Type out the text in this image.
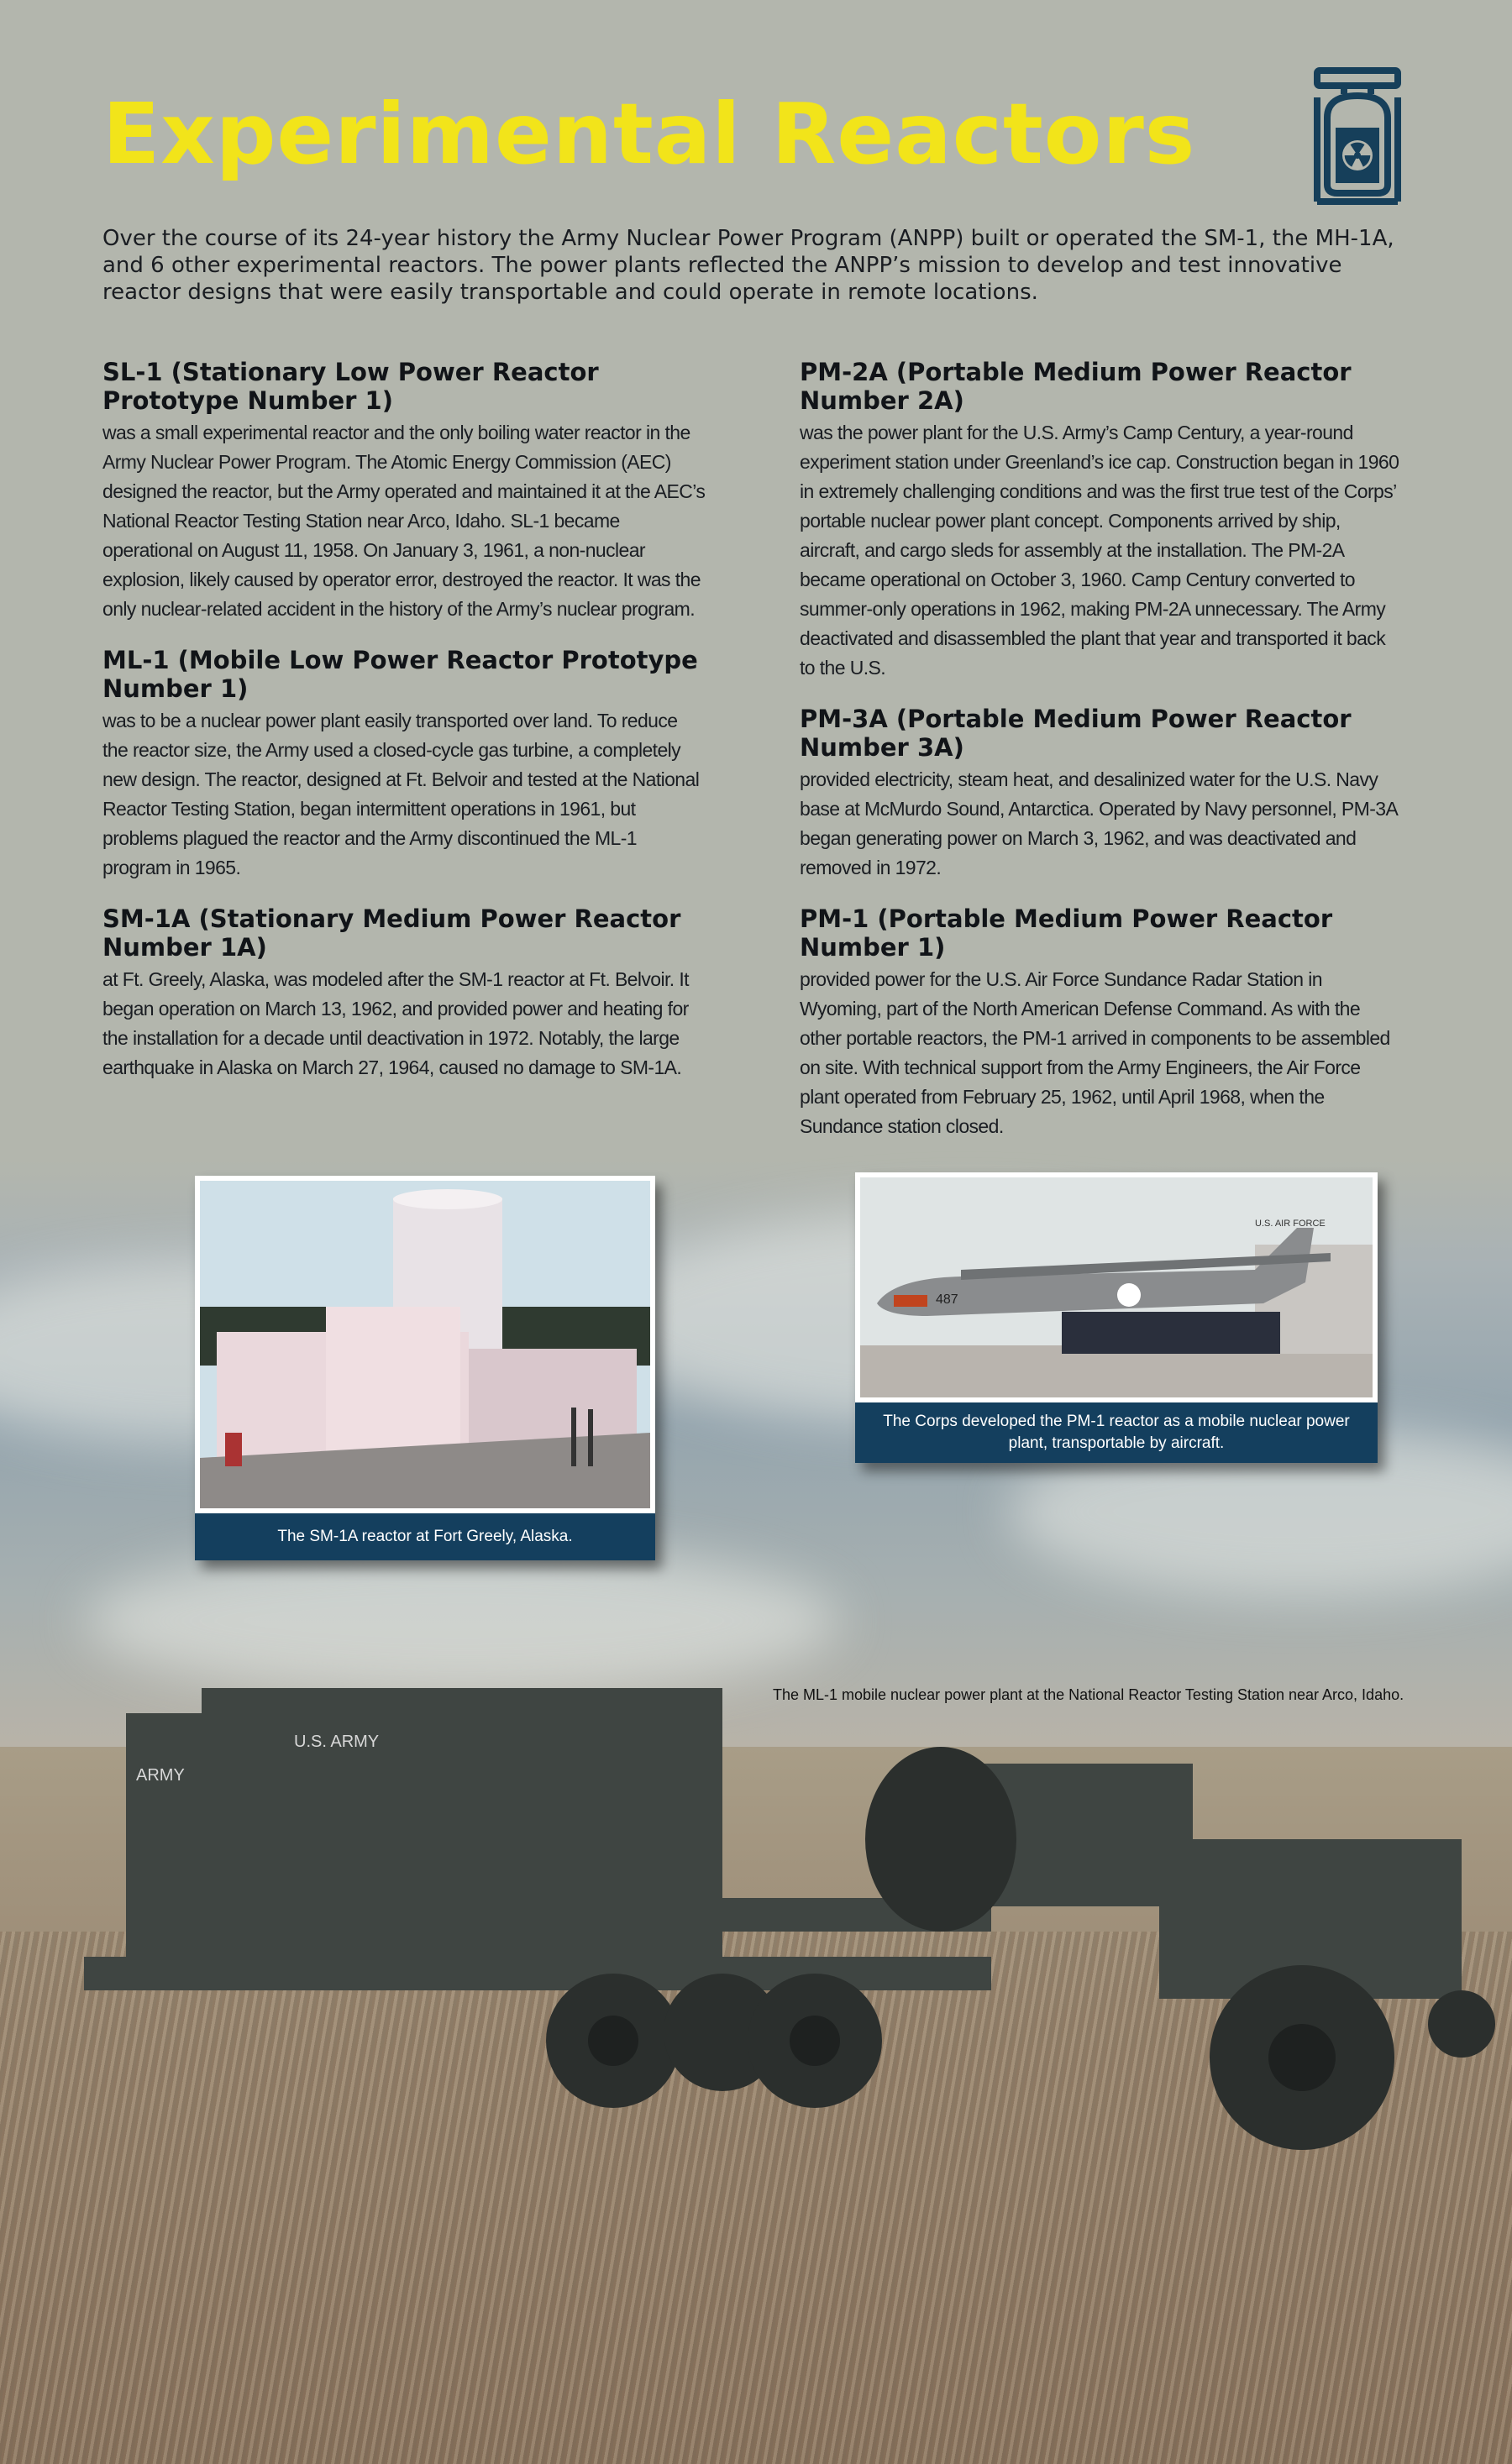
Experimental Reactors
Over the course of its 24-year history the Army Nuclear Power Program (ANPP) built or operated the SM-1, the MH-1A, and 6 other experimental reactors. The power plants reflected the ANPP’s mission to develop and test innovative reactor designs that were easily transportable and could operate in remote locations.
SL-1 (Stationary Low Power Reactor Prototype Number 1)

was a small experimental reactor and the only boiling water reactor in the Army Nuclear Power Program. The Atomic Energy Commission (AEC) designed the reactor, but the Army operated and maintained it at the AEC’s National Reactor Testing Station near Arco, Idaho. SL-1 became operational on August 11, 1958. On January 3, 1961, a non-nuclear explosion, likely caused by operator error, destroyed the reactor. It was the only nuclear-related accident in the history of the Army’s nuclear program.

ML-1 (Mobile Low Power Reactor Prototype Number 1)

was to be a nuclear power plant easily transported over land. To reduce the reactor size, the Army used a closed-cycle gas turbine, a completely new design. The reactor, designed at Ft. Belvoir and tested at the National Reactor Testing Station, began intermittent operations in 1961, but problems plagued the reactor and the Army discontinued the ML-1 program in 1965.

SM-1A (Stationary Medium Power Reactor Number 1A)

at Ft. Greely, Alaska, was modeled after the SM-1 reactor at Ft. Belvoir. It began operation on March 13, 1962, and provided power and heating for the installation for a decade until deactivation in 1972. Notably, the large earthquake in Alaska on March 27, 1964, caused no damage to SM-1A.

PM-2A (Portable Medium Power Reactor Number 2A)

was the power plant for the U.S. Army’s Camp Century, a year-round experiment station under Greenland’s ice cap. Construction began in 1960 in extremely challenging conditions and was the first true test of the Corps’ portable nuclear power plant concept. Components arrived by ship, aircraft, and cargo sleds for assembly at the installation. The PM-2A became operational on October 3, 1960. Camp Century converted to summer-only operations in 1962, making PM-2A unnecessary. The Army deactivated and disassembled the plant that year and transported it back to the U.S.

PM-3A (Portable Medium Power Reactor Number 3A)

provided electricity, steam heat, and desalinized water for the U.S. Navy base at McMurdo Sound, Antarctica. Operated by Navy personnel, PM-3A began generating power on March 3, 1962, and was deactivated and removed in 1972.

PM-1 (Portable Medium Power Reactor Number 1)

provided power for the U.S. Air Force Sundance Radar Station in Wyoming, part of the North American Defense Command. As with the other portable reactors, the PM-1 arrived in components to be assembled on site. With technical support from the Army Engineers, the Air Force plant operated from February 25, 1962, until April 1968, when the Sundance station closed.

The SM-1A reactor at Fort Greely, Alaska.
487
U.S. AIR FORCE
The Corps developed the PM-1 reactor as a mobile nuclear power plant, transportable by aircraft.
The ML-1 mobile nuclear power plant at the National Reactor Testing Station near Arco, Idaho.
U.S. ARMY
ARMY
